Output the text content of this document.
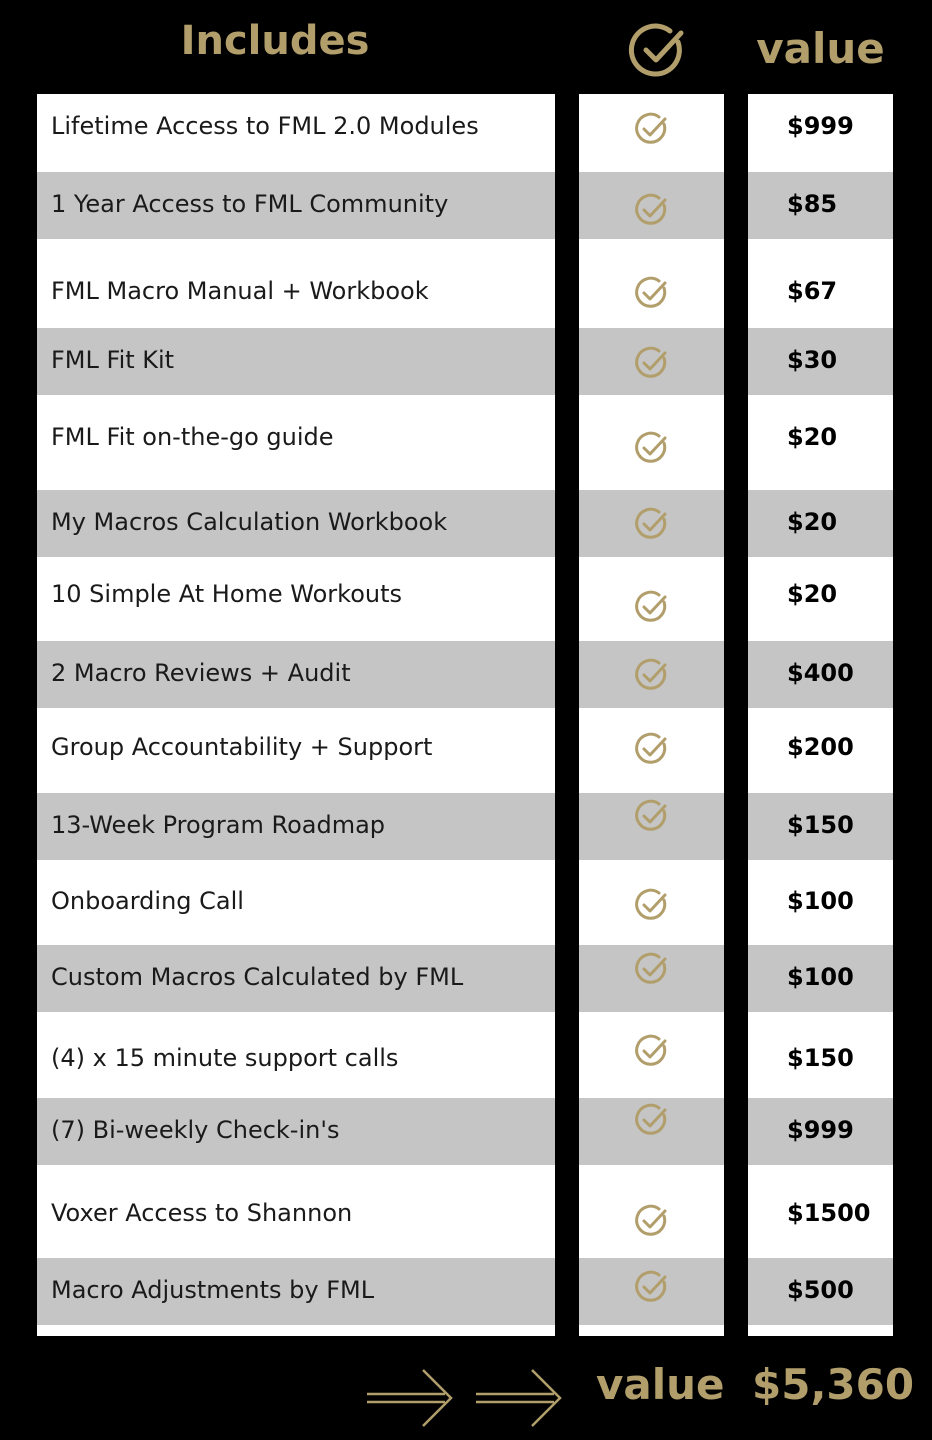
Includes	value
Lifetime Access to FML 2.0 Modules
1 Year Access to FML Community
FML Macro Manual + Workbook
FML Fit Kit
FML Fit on-the-go guide
My Macros Calculation Workbook
10 Simple At Home Workouts
2 Macro Reviews + Audit
Group Accountability + Support
13-Week Program Roadmap
Onboarding Call
Custom Macros Calculated by FML
(4) x 15 minute support calls
(7) Bi-weekly Check-in's
Voxer Access to Shannon
Macro Adjustments by FML
$999
$85
$67
$30
$20
$20
$20
$400
$200
$150
$100
$100
$150
$999
$1500
$500
value $5,360
